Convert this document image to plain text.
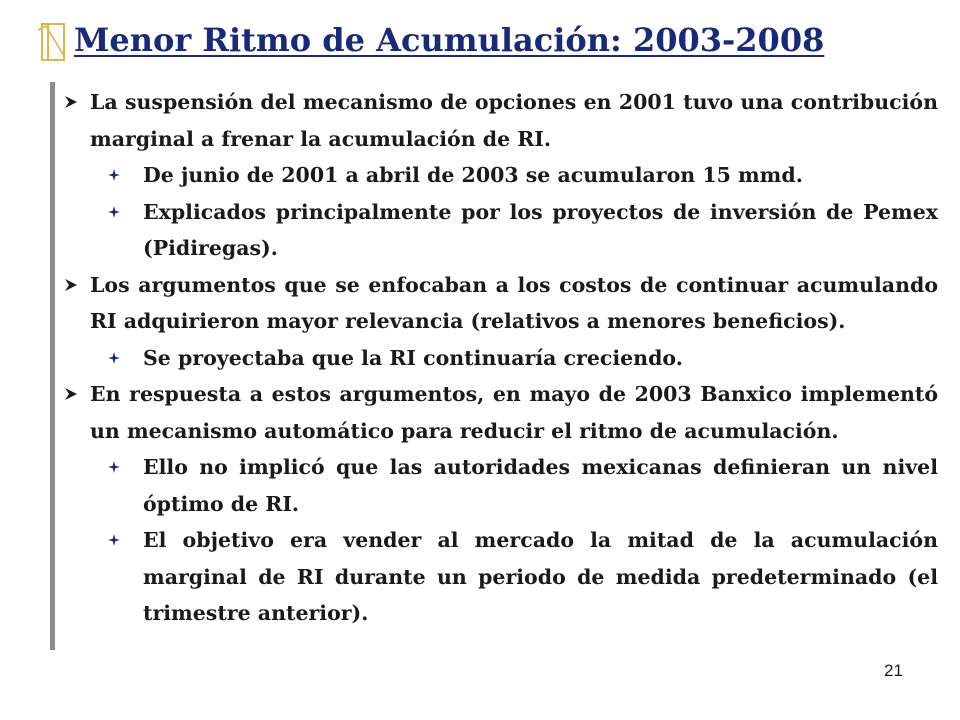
Menor Ritmo de Acumulación: 2003-2008
La suspensión del mecanismo de opciones en 2001 tuvo una contribución marginal a frenar la acumulación de RI.
De junio de 2001 a abril de 2003 se acumularon 15 mmd.
Explicados principalmente por los proyectos de inversión de Pemex (Pidiregas).
Los argumentos que se enfocaban a los costos de continuar acumulando RI adquirieron mayor relevancia (relativos a menores beneficios).
Se proyectaba que la RI continuaría creciendo.
En respuesta a estos argumentos, en mayo de 2003 Banxico implementó un mecanismo automático para reducir el ritmo de acumulación.
Ello no implicó que las autoridades mexicanas definieran un nivel óptimo de RI.
El objetivo era vender al mercado la mitad de la acumulación marginal de RI durante un periodo de medida predeterminado (el trimestre anterior).
21
